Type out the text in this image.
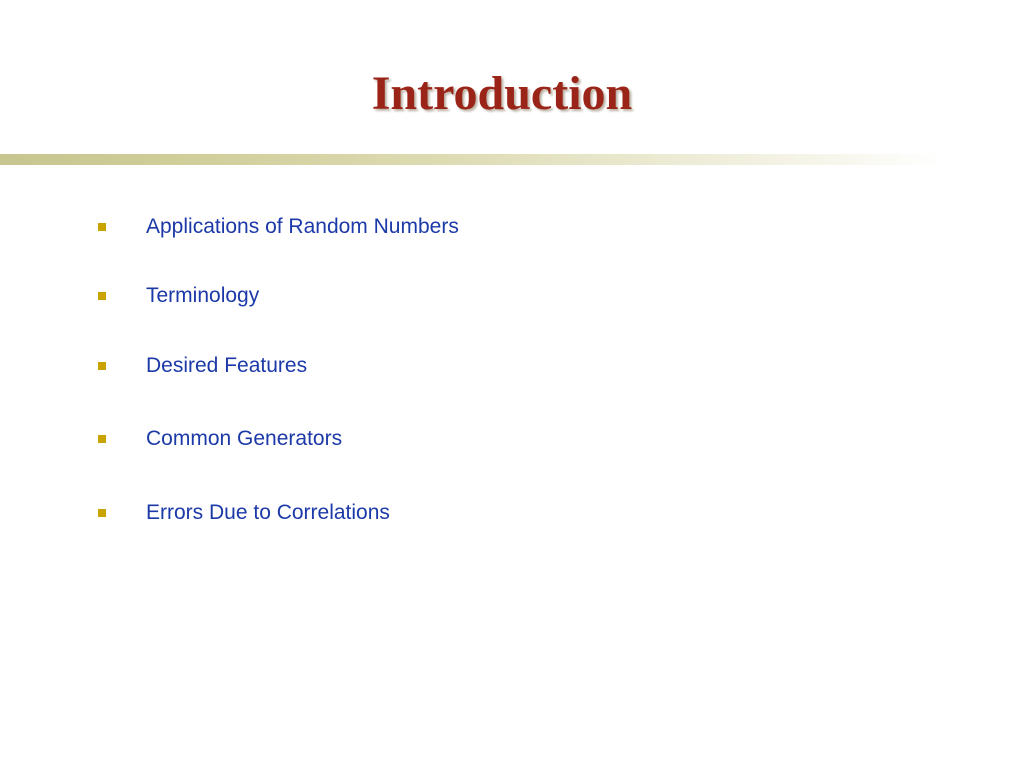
Introduction
Applications of Random Numbers
Terminology
Desired Features
Common Generators
Errors Due to Correlations
